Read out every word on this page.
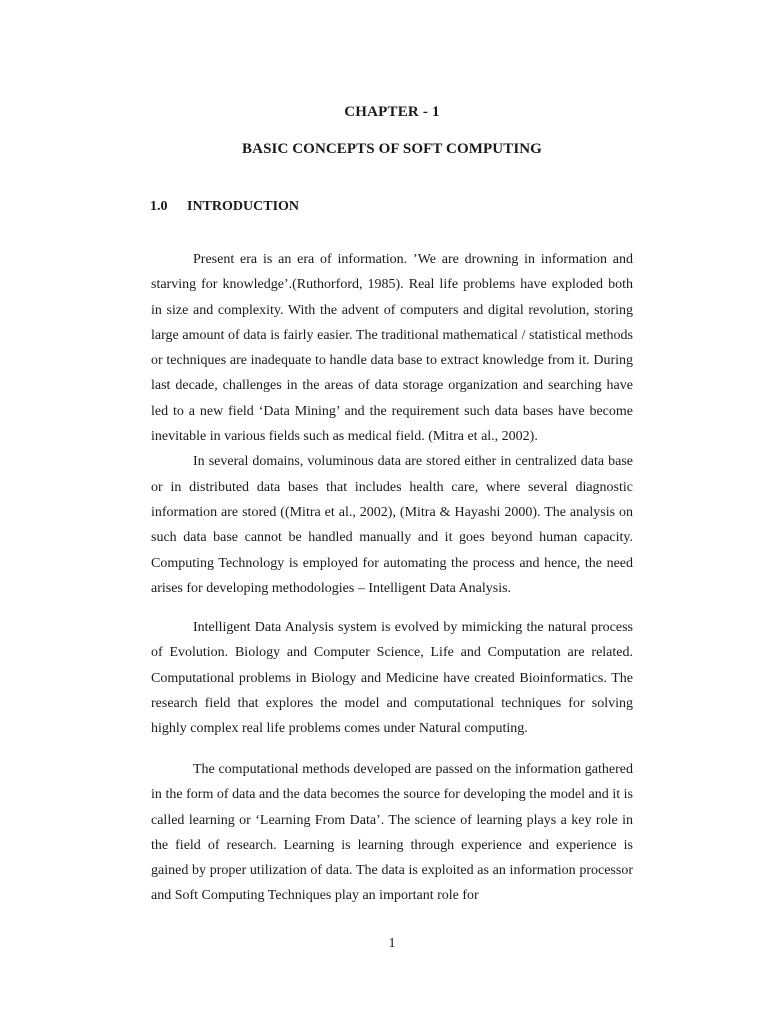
CHAPTER - 1
BASIC CONCEPTS OF SOFT COMPUTING
1.0 INTRODUCTION

Present era is an era of information. ’We are drowning in information and starving for knowledge’.(Ruthorford, 1985). Real life problems have exploded both in size and complexity. With the advent of computers and digital revolution, storing large amount of data is fairly easier. The traditional mathematical / statistical methods or techniques are inadequate to handle data base to extract knowledge from it. During last decade, challenges in the areas of data storage organization and searching have led to a new field ‘Data Mining’ and the requirement such data bases have become inevitable in various fields such as medical field. (Mitra et al., 2002).

In several domains, voluminous data are stored either in centralized data base or in distributed data bases that includes health care, where several diagnostic information are stored ((Mitra et al., 2002), (Mitra & Hayashi 2000). The analysis on such data base cannot be handled manually and it goes beyond human capacity. Computing Technology is employed for automating the process and hence, the need arises for developing methodologies – Intelligent Data Analysis.

Intelligent Data Analysis system is evolved by mimicking the natural process of Evolution. Biology and Computer Science, Life and Computation are related. Computational problems in Biology and Medicine have created Bioinformatics. The research field that explores the model and computational techniques for solving highly complex real life problems comes under Natural computing.

The computational methods developed are passed on the information gathered in the form of data and the data becomes the source for developing the model and it is called learning or ‘Learning From Data’. The science of learning plays a key role in the field of research. Learning is learning through experience and experience is gained by proper utilization of data. The data is exploited as an information processor and Soft Computing Techniques play an important role for

1
